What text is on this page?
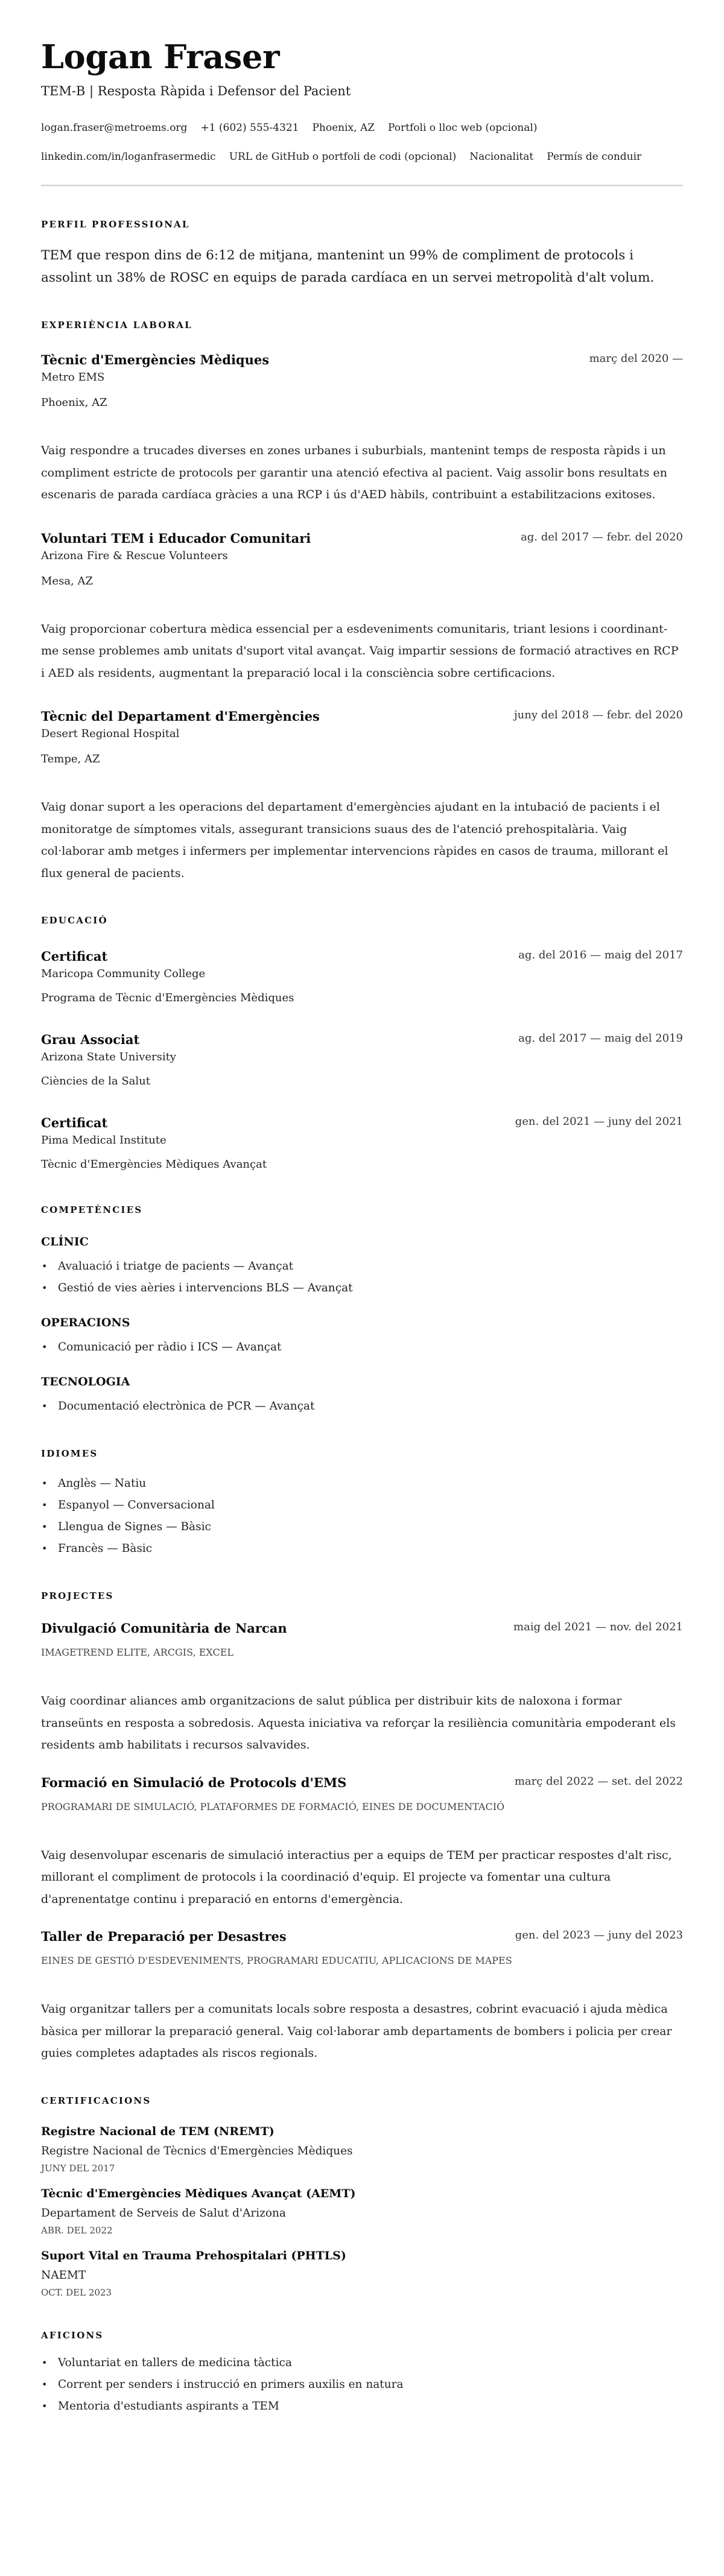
Logan Fraser
TEM-B | Resposta Ràpida i Defensor del Pacient
logan.fraser@metroems.org +1 (602) 555-4321 Phoenix, AZ Portfoli o lloc web (opcional)
linkedin.com/in/loganfrasermedic URL de GitHub o portfoli de codi (opcional) Nacionalitat Permís de conduir
PERFIL PROFESSIONAL

TEM que respon dins de 6:12 de mitjana, mantenint un 99% de compliment de protocols i assolint un 38% de ROSC en equips de parada cardíaca en un servei metropolità d'alt volum.

EXPERIÈNCIA LABORAL
Tècnic d'Emergències Mèdiques	març del 2020 —
Metro EMS
Phoenix, AZ

Vaig respondre a trucades diverses en zones urbanes i suburbials, mantenint temps de resposta ràpids i un compliment estricte de protocols per garantir una atenció efectiva al pacient. Vaig assolir bons resultats en escenaris de parada cardíaca gràcies a una RCP i ús d'AED hàbils, contribuint a estabilitzacions exitoses.

Voluntari TEM i Educador Comunitari	ag. del 2017 — febr. del 2020
Arizona Fire & Rescue Volunteers
Mesa, AZ

Vaig proporcionar cobertura mèdica essencial per a esdeveniments comunitaris, triant lesions i coordinant-me sense problemes amb unitats d'suport vital avançat. Vaig impartir sessions de formació atractives en RCP i AED als residents, augmentant la preparació local i la consciència sobre certificacions.

Tècnic del Departament d'Emergències	juny del 2018 — febr. del 2020
Desert Regional Hospital
Tempe, AZ

Vaig donar suport a les operacions del departament d'emergències ajudant en la intubació de pacients i el monitoratge de símptomes vitals, assegurant transicions suaus des de l'atenció prehospitalària. Vaig col·laborar amb metges i infermers per implementar intervencions ràpides en casos de trauma, millorant el flux general de pacients.

EDUCACIÓ
Certificat	ag. del 2016 — maig del 2017
Maricopa Community College
Programa de Tècnic d'Emergències Mèdiques
Grau Associat	ag. del 2017 — maig del 2019
Arizona State University
Ciències de la Salut
Certificat	gen. del 2021 — juny del 2021
Pima Medical Institute
Tècnic d'Emergències Mèdiques Avançat
COMPETÈNCIES
CLÍNIC
• Avaluació i triatge de pacients — Avançat
• Gestió de vies aèries i intervencions BLS — Avançat
OPERACIONS
• Comunicació per ràdio i ICS — Avançat
TECNOLOGIA
• Documentació electrònica de PCR — Avançat
IDIOMES
• Anglès — Natiu
• Espanyol — Conversacional
• Llengua de Signes — Bàsic
• Francès — Bàsic
PROJECTES
Divulgació Comunitària de Narcan	maig del 2021 — nov. del 2021
IMAGETREND ELITE, ARCGIS, EXCEL

Vaig coordinar aliances amb organitzacions de salut pública per distribuir kits de naloxona i formar transeünts en resposta a sobredosis. Aquesta iniciativa va reforçar la resiliència comunitària empoderant els residents amb habilitats i recursos salvavides.

Formació en Simulació de Protocols d'EMS	març del 2022 — set. del 2022
PROGRAMARI DE SIMULACIÓ, PLATAFORMES DE FORMACIÓ, EINES DE DOCUMENTACIÓ

Vaig desenvolupar escenaris de simulació interactius per a equips de TEM per practicar respostes d'alt risc, millorant el compliment de protocols i la coordinació d'equip. El projecte va fomentar una cultura d'aprenentatge continu i preparació en entorns d'emergència.

Taller de Preparació per Desastres	gen. del 2023 — juny del 2023
EINES DE GESTIÓ D'ESDEVENIMENTS, PROGRAMARI EDUCATIU, APLICACIONS DE MAPES

Vaig organitzar tallers per a comunitats locals sobre resposta a desastres, cobrint evacuació i ajuda mèdica bàsica per millorar la preparació general. Vaig col·laborar amb departaments de bombers i policia per crear guies completes adaptades als riscos regionals.

CERTIFICACIONS
Registre Nacional de TEM (NREMT)
Registre Nacional de Tècnics d'Emergències Mèdiques
JUNY DEL 2017
Tècnic d'Emergències Mèdiques Avançat (AEMT)
Departament de Serveis de Salut d'Arizona
ABR. DEL 2022
Suport Vital en Trauma Prehospitalari (PHTLS)
NAEMT
OCT. DEL 2023
AFICIONS
• Voluntariat en tallers de medicina tàctica
• Corrent per senders i instrucció en primers auxilis en natura
• Mentoria d'estudiants aspirants a TEM
